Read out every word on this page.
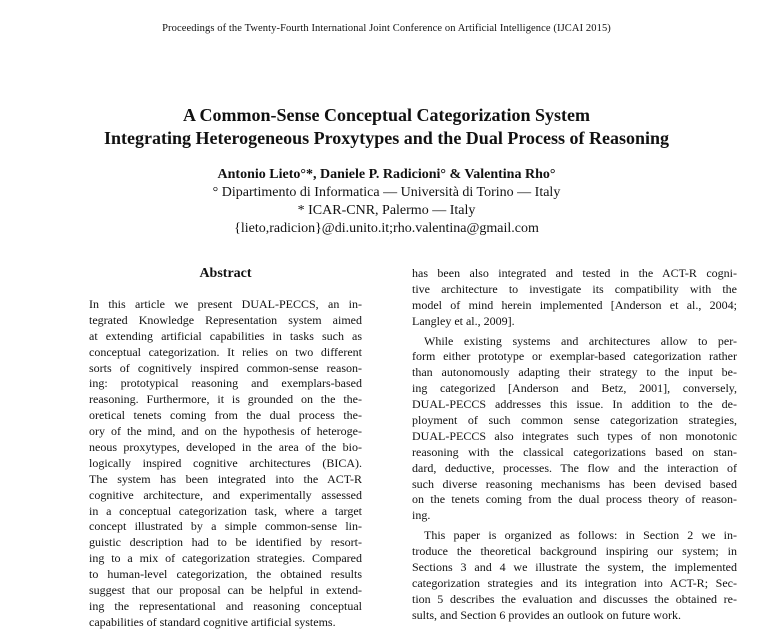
Proceedings of the Twenty-Fourth International Joint Conference on Artificial Intelligence (IJCAI 2015)
A Common-Sense Conceptual Categorization System
Integrating Heterogeneous Proxytypes and the Dual Process of Reasoning
Antonio Lieto°*, Daniele P. Radicioni° & Valentina Rho°
° Dipartimento di Informatica — Università di Torino — Italy
* ICAR-CNR, Palermo — Italy
{lieto,radicion}@di.unito.it;rho.valentina@gmail.com
Abstract
In this article we present DUAL-PECCS, an in-
tegrated Knowledge Representation system aimed
at extending artificial capabilities in tasks such as
conceptual categorization. It relies on two different
sorts of cognitively inspired common-sense reason-
ing: prototypical reasoning and exemplars-based
reasoning. Furthermore, it is grounded on the the-
oretical tenets coming from the dual process the-
ory of the mind, and on the hypothesis of heteroge-
neous proxytypes, developed in the area of the bio-
logically inspired cognitive architectures (BICA).
The system has been integrated into the ACT-R
cognitive architecture, and experimentally assessed
in a conceptual categorization task, where a target
concept illustrated by a simple common-sense lin-
guistic description had to be identified by resort-
ing to a mix of categorization strategies. Compared
to human-level categorization, the obtained results
suggest that our proposal can be helpful in extend-
ing the representational and reasoning conceptual
capabilities of standard cognitive artificial systems.
has been also integrated and tested in the ACT-R cogni-
tive architecture to investigate its compatibility with the
model of mind herein implemented [Anderson et al., 2004;
Langley et al., 2009].
While existing systems and architectures allow to per-
form either prototype or exemplar-based categorization rather
than autonomously adapting their strategy to the input be-
ing categorized [Anderson and Betz, 2001], conversely,
DUAL-PECCS addresses this issue. In addition to the de-
ployment of such common sense categorization strategies,
DUAL-PECCS also integrates such types of non monotonic
reasoning with the classical categorizations based on stan-
dard, deductive, processes. The flow and the interaction of
such diverse reasoning mechanisms has been devised based
on the tenets coming from the dual process theory of reason-
ing.
This paper is organized as follows: in Section 2 we in-
troduce the theoretical background inspiring our system; in
Sections 3 and 4 we illustrate the system, the implemented
categorization strategies and its integration into ACT-R; Sec-
tion 5 describes the evaluation and discusses the obtained re-
sults, and Section 6 provides an outlook on future work.
